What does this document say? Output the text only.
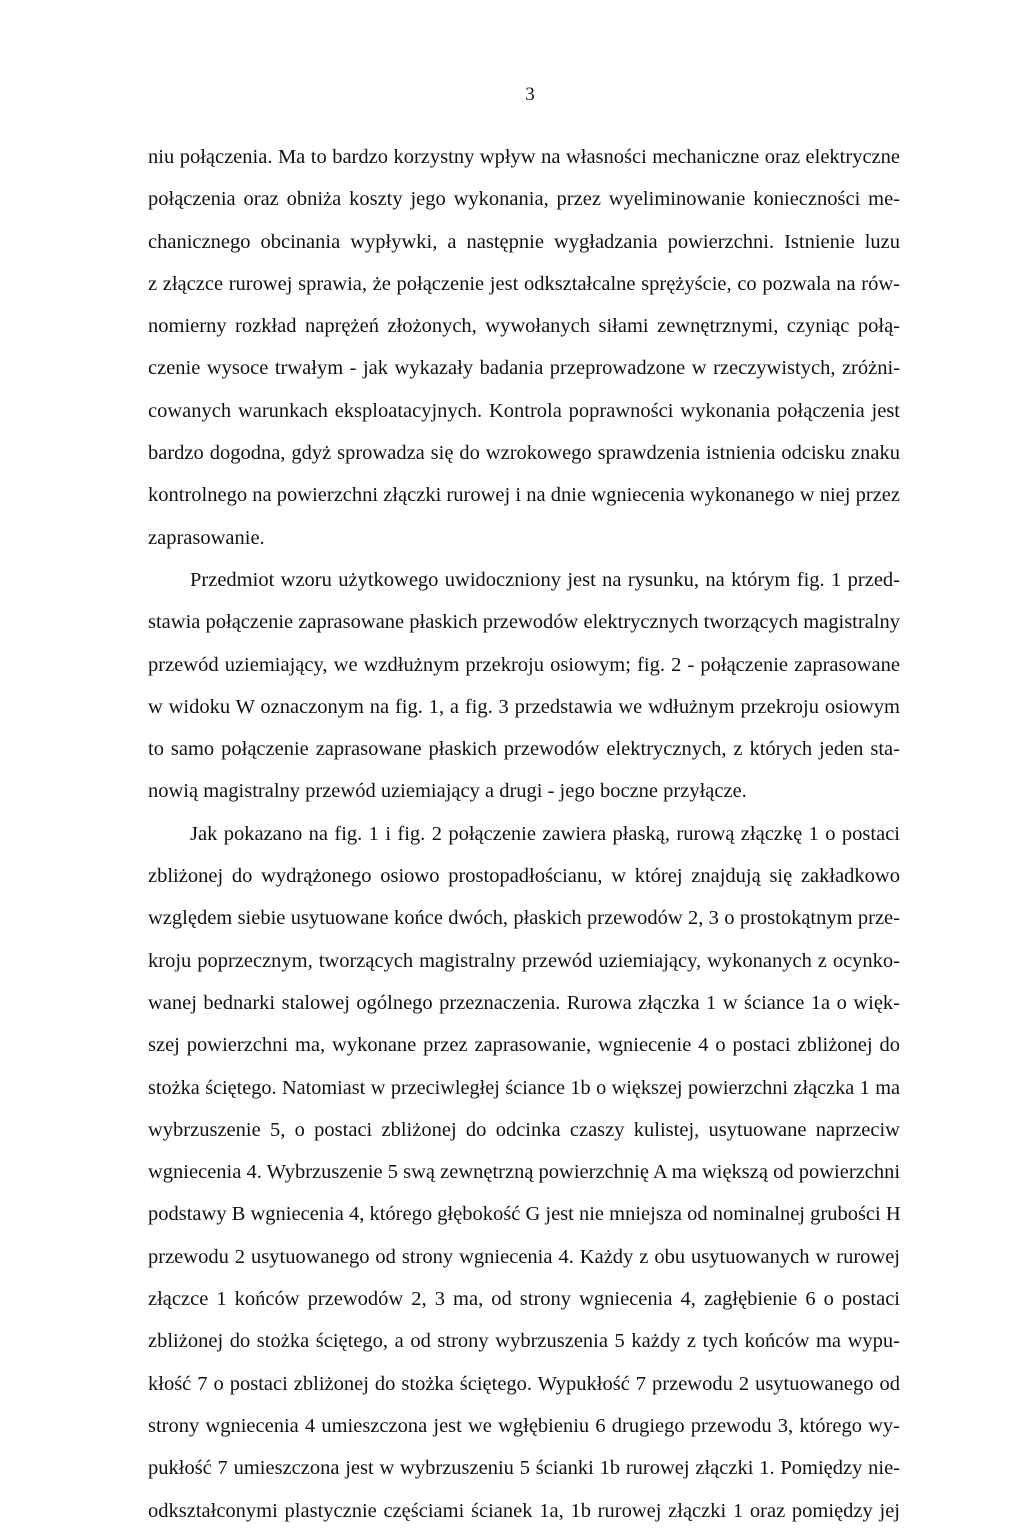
3
niu połączenia. Ma to bardzo korzystny wpływ na własności mechaniczne oraz elektryczne
połączenia oraz obniża koszty jego wykonania, przez wyeliminowanie konieczności me-
chanicznego obcinania wypływki, a następnie wygładzania powierzchni. Istnienie luzu
z złączce rurowej sprawia, że połączenie jest odkształcalne sprężyście, co pozwala na rów-
nomierny rozkład naprężeń złożonych, wywołanych siłami zewnętrznymi, czyniąc połą-
czenie wysoce trwałym - jak wykazały badania przeprowadzone w rzeczywistych, zróżni-
cowanych warunkach eksploatacyjnych. Kontrola poprawności wykonania połączenia jest
bardzo dogodna, gdyż sprowadza się do wzrokowego sprawdzenia istnienia odcisku znaku
kontrolnego na powierzchni złączki rurowej i na dnie wgniecenia wykonanego w niej przez
zaprasowanie.
Przedmiot wzoru użytkowego uwidoczniony jest na rysunku, na którym fig. 1 przed-
stawia połączenie zaprasowane płaskich przewodów elektrycznych tworzących magistralny
przewód uziemiający, we wzdłużnym przekroju osiowym; fig. 2 - połączenie zaprasowane
w widoku W oznaczonym na fig. 1, a fig. 3 przedstawia we wdłużnym przekroju osiowym
to samo połączenie zaprasowane płaskich przewodów elektrycznych, z których jeden sta-
nowią magistralny przewód uziemiający a drugi - jego boczne przyłącze.
Jak pokazano na fig. 1 i fig. 2 połączenie zawiera płaską, rurową złączkę 1 o postaci
zbliżonej do wydrążonego osiowo prostopadłościanu, w której znajdują się zakładkowo
względem siebie usytuowane końce dwóch, płaskich przewodów 2, 3 o prostokątnym prze-
kroju poprzecznym, tworzących magistralny przewód uziemiający, wykonanych z ocynko-
wanej bednarki stalowej ogólnego przeznaczenia. Rurowa złączka 1 w ściance 1a o więk-
szej powierzchni ma, wykonane przez zaprasowanie, wgniecenie 4 o postaci zbliżonej do
stożka ściętego. Natomiast w przeciwległej ściance 1b o większej powierzchni złączka 1 ma
wybrzuszenie 5, o postaci zbliżonej do odcinka czaszy kulistej, usytuowane naprzeciw
wgniecenia 4. Wybrzuszenie 5 swą zewnętrzną powierzchnię A ma większą od powierzchni
podstawy B wgniecenia 4, którego głębokość G jest nie mniejsza od nominalnej grubości H
przewodu 2 usytuowanego od strony wgniecenia 4. Każdy z obu usytuowanych w rurowej
złączce 1 końców przewodów 2, 3 ma, od strony wgniecenia 4, zagłębienie 6 o postaci
zbliżonej do stożka ściętego, a od strony wybrzuszenia 5 każdy z tych końców ma wypu-
kłość 7 o postaci zbliżonej do stożka ściętego. Wypukłość 7 przewodu 2 usytuowanego od
strony wgniecenia 4 umieszczona jest we wgłębieniu 6 drugiego przewodu 3, którego wy-
pukłość 7 umieszczona jest w wybrzuszeniu 5 ścianki 1b rurowej złączki 1. Pomiędzy nie-
odkształconymi plastycznie częściami ścianek 1a, 1b rurowej złączki 1 oraz pomiędzy jej
